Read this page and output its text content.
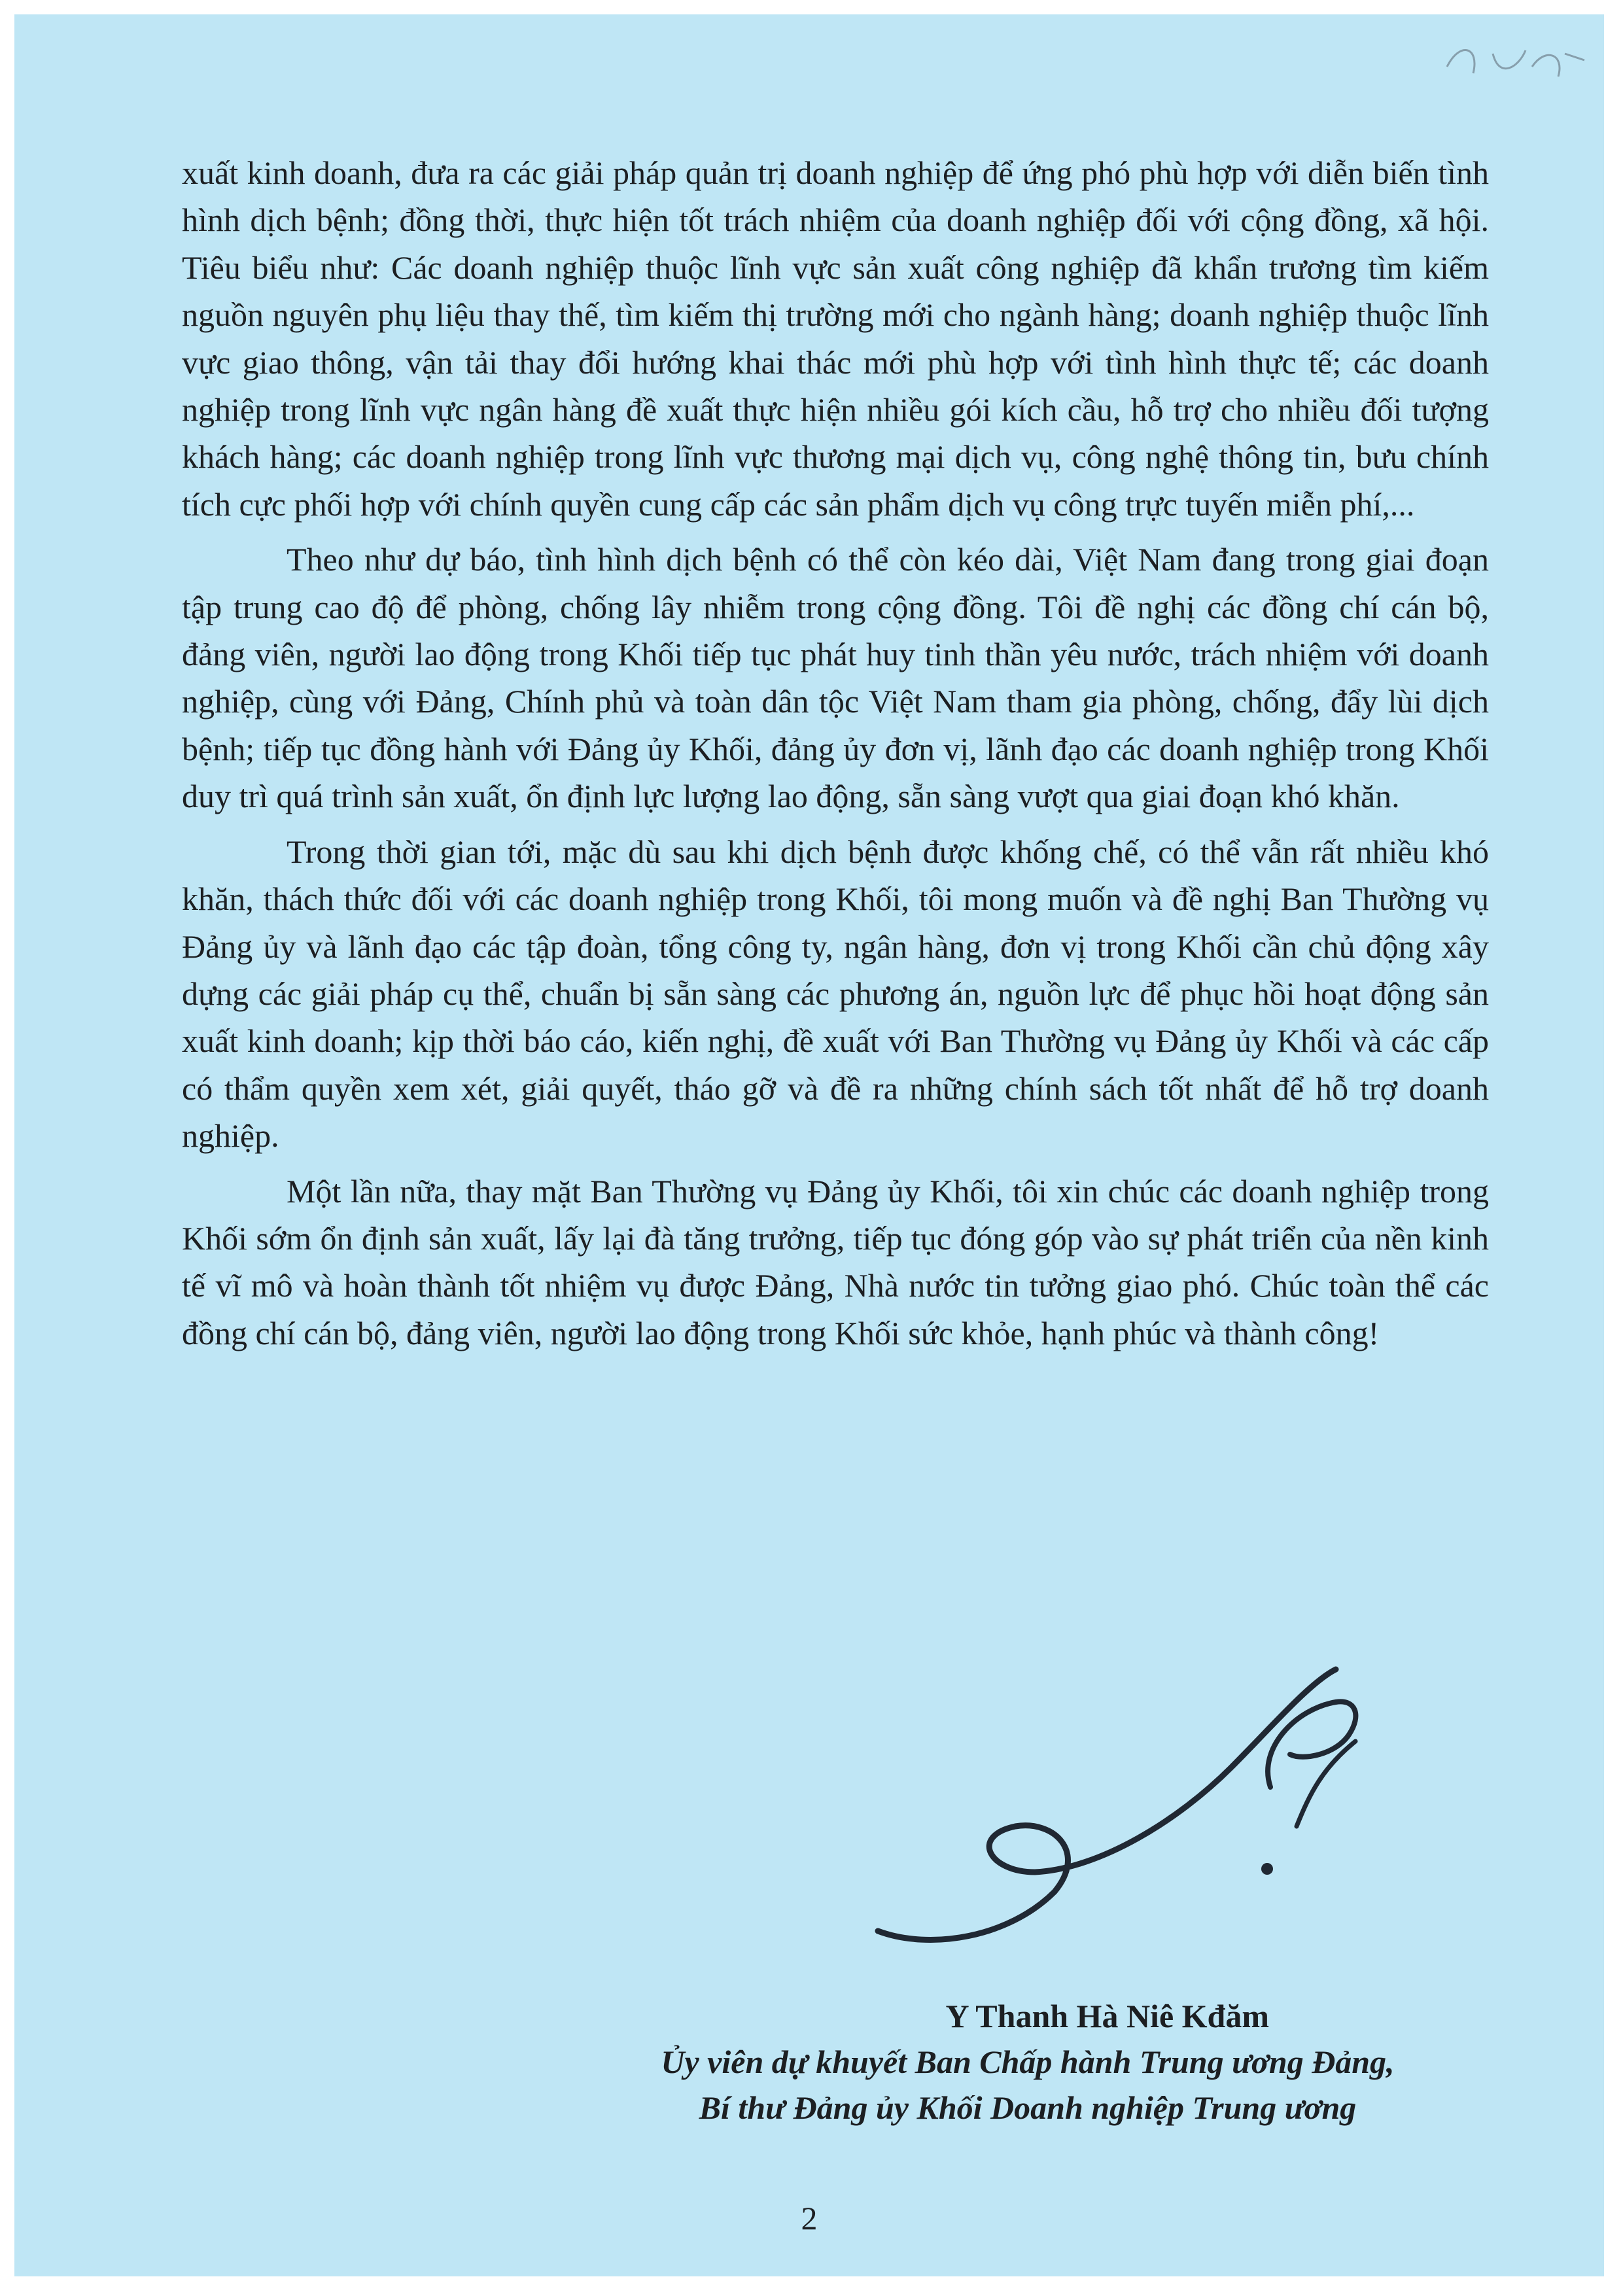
xuất kinh doanh, đưa ra các giải pháp quản trị doanh nghiệp để ứng phó phù hợp với diễn biến tình hình dịch bệnh; đồng thời, thực hiện tốt trách nhiệm của doanh nghiệp đối với cộng đồng, xã hội. Tiêu biểu như: Các doanh nghiệp thuộc lĩnh vực sản xuất công nghiệp đã khẩn trương tìm kiếm nguồn nguyên phụ liệu thay thế, tìm kiếm thị trường mới cho ngành hàng; doanh nghiệp thuộc lĩnh vực giao thông, vận tải thay đổi hướng khai thác mới phù hợp với tình hình thực tế; các doanh nghiệp trong lĩnh vực ngân hàng đề xuất thực hiện nhiều gói kích cầu, hỗ trợ cho nhiều đối tượng khách hàng; các doanh nghiệp trong lĩnh vực thương mại dịch vụ, công nghệ thông tin, bưu chính tích cực phối hợp với chính quyền cung cấp các sản phẩm dịch vụ công trực tuyến miễn phí,...

Theo như dự báo, tình hình dịch bệnh có thể còn kéo dài, Việt Nam đang trong giai đoạn tập trung cao độ để phòng, chống lây nhiễm trong cộng đồng. Tôi đề nghị các đồng chí cán bộ, đảng viên, người lao động trong Khối tiếp tục phát huy tinh thần yêu nước, trách nhiệm với doanh nghiệp, cùng với Đảng, Chính phủ và toàn dân tộc Việt Nam tham gia phòng, chống, đẩy lùi dịch bệnh; tiếp tục đồng hành với Đảng ủy Khối, đảng ủy đơn vị, lãnh đạo các doanh nghiệp trong Khối duy trì quá trình sản xuất, ổn định lực lượng lao động, sẵn sàng vượt qua giai đoạn khó khăn.

Trong thời gian tới, mặc dù sau khi dịch bệnh được khống chế, có thể vẫn rất nhiều khó khăn, thách thức đối với các doanh nghiệp trong Khối, tôi mong muốn và đề nghị Ban Thường vụ Đảng ủy và lãnh đạo các tập đoàn, tổng công ty, ngân hàng, đơn vị trong Khối cần chủ động xây dựng các giải pháp cụ thể, chuẩn bị sẵn sàng các phương án, nguồn lực để phục hồi hoạt động sản xuất kinh doanh; kịp thời báo cáo, kiến nghị, đề xuất với Ban Thường vụ Đảng ủy Khối và các cấp có thẩm quyền xem xét, giải quyết, tháo gỡ và đề ra những chính sách tốt nhất để hỗ trợ doanh nghiệp.

Một lần nữa, thay mặt Ban Thường vụ Đảng ủy Khối, tôi xin chúc các doanh nghiệp trong Khối sớm ổn định sản xuất, lấy lại đà tăng trưởng, tiếp tục đóng góp vào sự phát triển của nền kinh tế vĩ mô và hoàn thành tốt nhiệm vụ được Đảng, Nhà nước tin tưởng giao phó. Chúc toàn thể các đồng chí cán bộ, đảng viên, người lao động trong Khối sức khỏe, hạnh phúc và thành công!

Y Thanh Hà Niê Kđăm
Ủy viên dự khuyết Ban Chấp hành Trung ương Đảng,
Bí thư Đảng ủy Khối Doanh nghiệp Trung ương
2
